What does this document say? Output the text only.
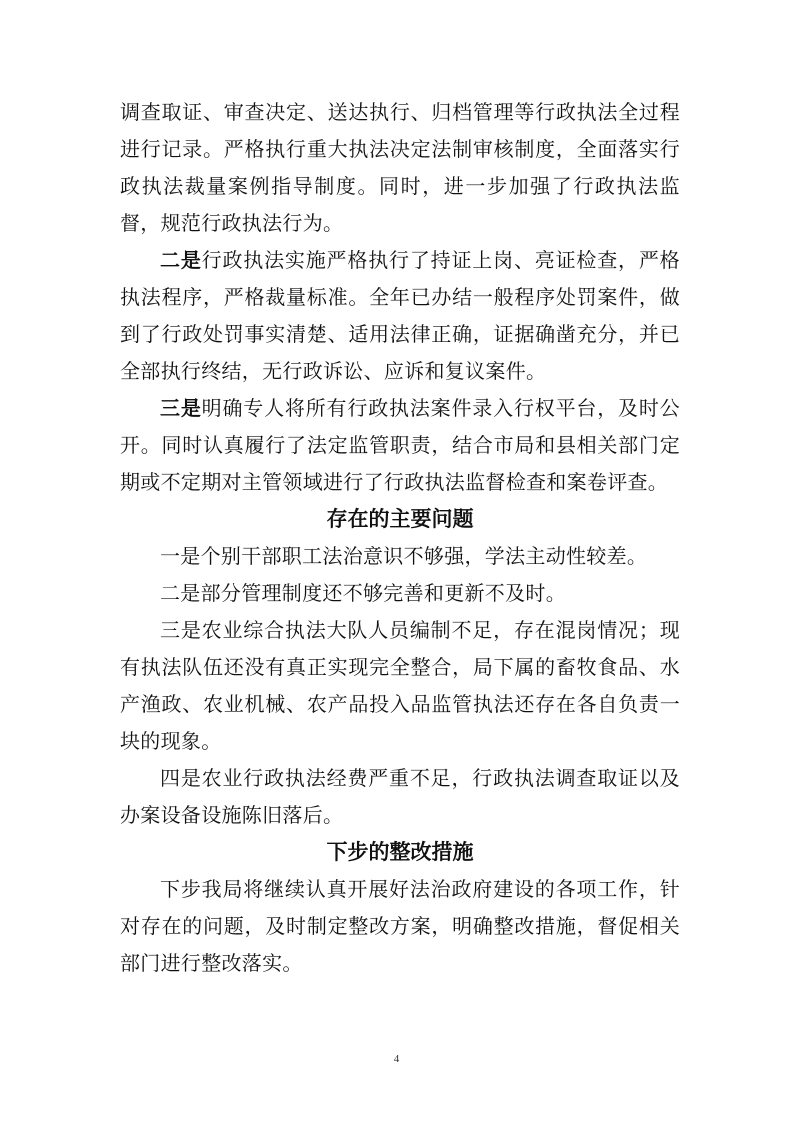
调查取证、审查决定、送达执行、归档管理等行政执法全过程进行记录。严格执行重大执法决定法制审核制度，全面落实行政执法裁量案例指导制度。同时，进一步加强了行政执法监督，规范行政执法行为。

二是行政执法实施严格执行了持证上岗、亮证检查，严格执法程序，严格裁量标准。全年已办结一般程序处罚案件，做到了行政处罚事实清楚、适用法律正确，证据确凿充分，并已全部执行终结，无行政诉讼、应诉和复议案件。

三是明确专人将所有行政执法案件录入行权平台，及时公开。同时认真履行了法定监管职责，结合市局和县相关部门定期或不定期对主管领域进行了行政执法监督检查和案卷评查。

存在的主要问题

一是个别干部职工法治意识不够强，学法主动性较差。

二是部分管理制度还不够完善和更新不及时。

三是农业综合执法大队人员编制不足，存在混岗情况；现有执法队伍还没有真正实现完全整合，局下属的畜牧食品、水产渔政、农业机械、农产品投入品监管执法还存在各自负责一块的现象。

四是农业行政执法经费严重不足，行政执法调查取证以及办案设备设施陈旧落后。

下步的整改措施

下步我局将继续认真开展好法治政府建设的各项工作，针对存在的问题，及时制定整改方案，明确整改措施，督促相关部门进行整改落实。

4
